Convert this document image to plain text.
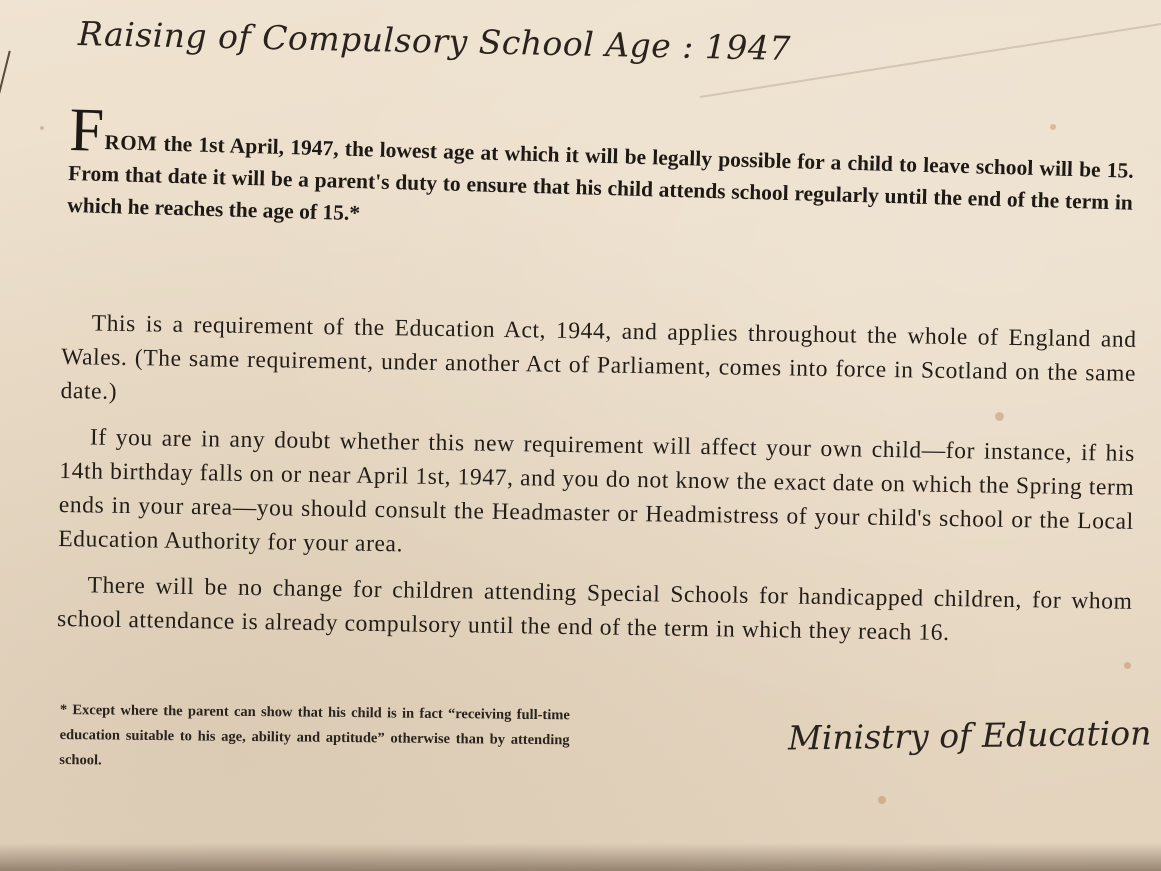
Raising of Compulsory School Age : 1947
FROM the 1st April, 1947, the lowest age at which it will be legally possible for a child to leave school will be 15. From that date it will be a parent's duty to ensure that his child attends school regularly until the end of the term in which he reaches the age of 15.*

This is a requirement of the Education Act, 1944, and applies throughout the whole of England and Wales. (The same requirement, under another Act of Parliament, comes into force in Scotland on the same date.)

If you are in any doubt whether this new requirement will affect your own child—for instance, if his 14th birthday falls on or near April 1st, 1947, and you do not know the exact date on which the Spring term ends in your area—you should consult the Headmaster or Headmistress of your child's school or the Local Education Authority for your area.

There will be no change for children attending Special Schools for handicapped children, for whom school attendance is already compulsory until the end of the term in which they reach 16.

* Except where the parent can show that his child is in fact “receiving full-time education suitable to his age, ability and aptitude” otherwise than by attending school.
Ministry of Education
